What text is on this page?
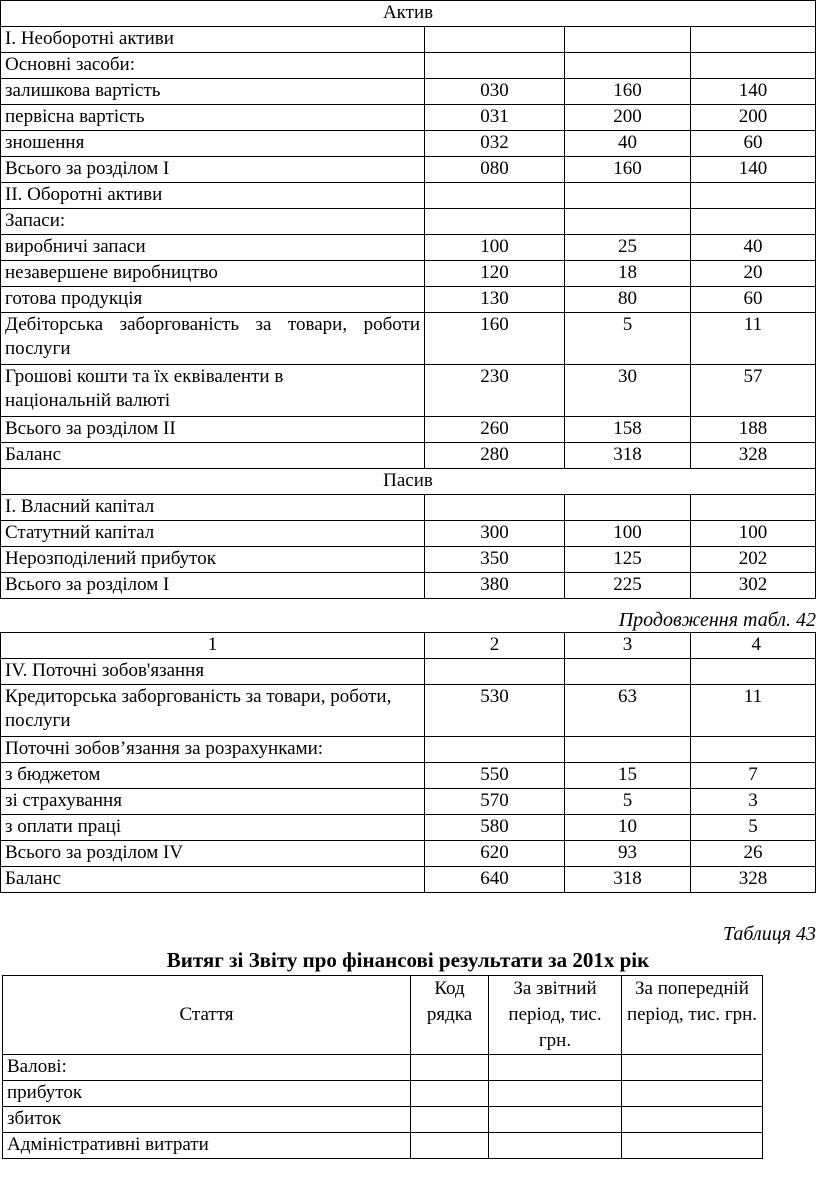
Актив			
І. Необоротні активи			
Основні засоби:			
залишкова вартість	030	160	140
первісна вартість	031	200	200
зношення	032	40	60
Всього за розділом І	080	160	140
ІІ. Оборотні активи			
Запаси:			
виробничі запаси	100	25	40
незавершене виробництво	120	18	20
готова продукція	130	80	60
Дебіторська заборгованість за товари, роботи послуги	160	5	11
Грошові кошти та їх еквіваленти в національній валюті	230	30	57
Всього за розділом ІІ	260	158	188
Баланс	280	318	328
Пасив			
І. Власний капітал			
Статутний капітал	300	100	100
Нерозподілений прибуток	350	125	202
Всього за розділом І	380	225	302
Продовження табл. 42
1	2	3	4
IV. Поточні зобов'язання			
Кредиторська заборгованість за товари, роботи, послуги	530	63	11
Поточні зобов’язання за розрахунками:			
з бюджетом	550	15	7
зі страхування	570	5	3
з оплати праці	580	10	5
Всього за розділом IV	620	93	26
Баланс	640	318	328
Таблиця 43
Витяг зі Звіту про фінансові результати за 201х рік
Стаття	Код рядка	За звітний період, тис. грн.	За попередній період, тис. грн.
Валові:			
прибуток			
збиток			
Адміністративні витрати			
